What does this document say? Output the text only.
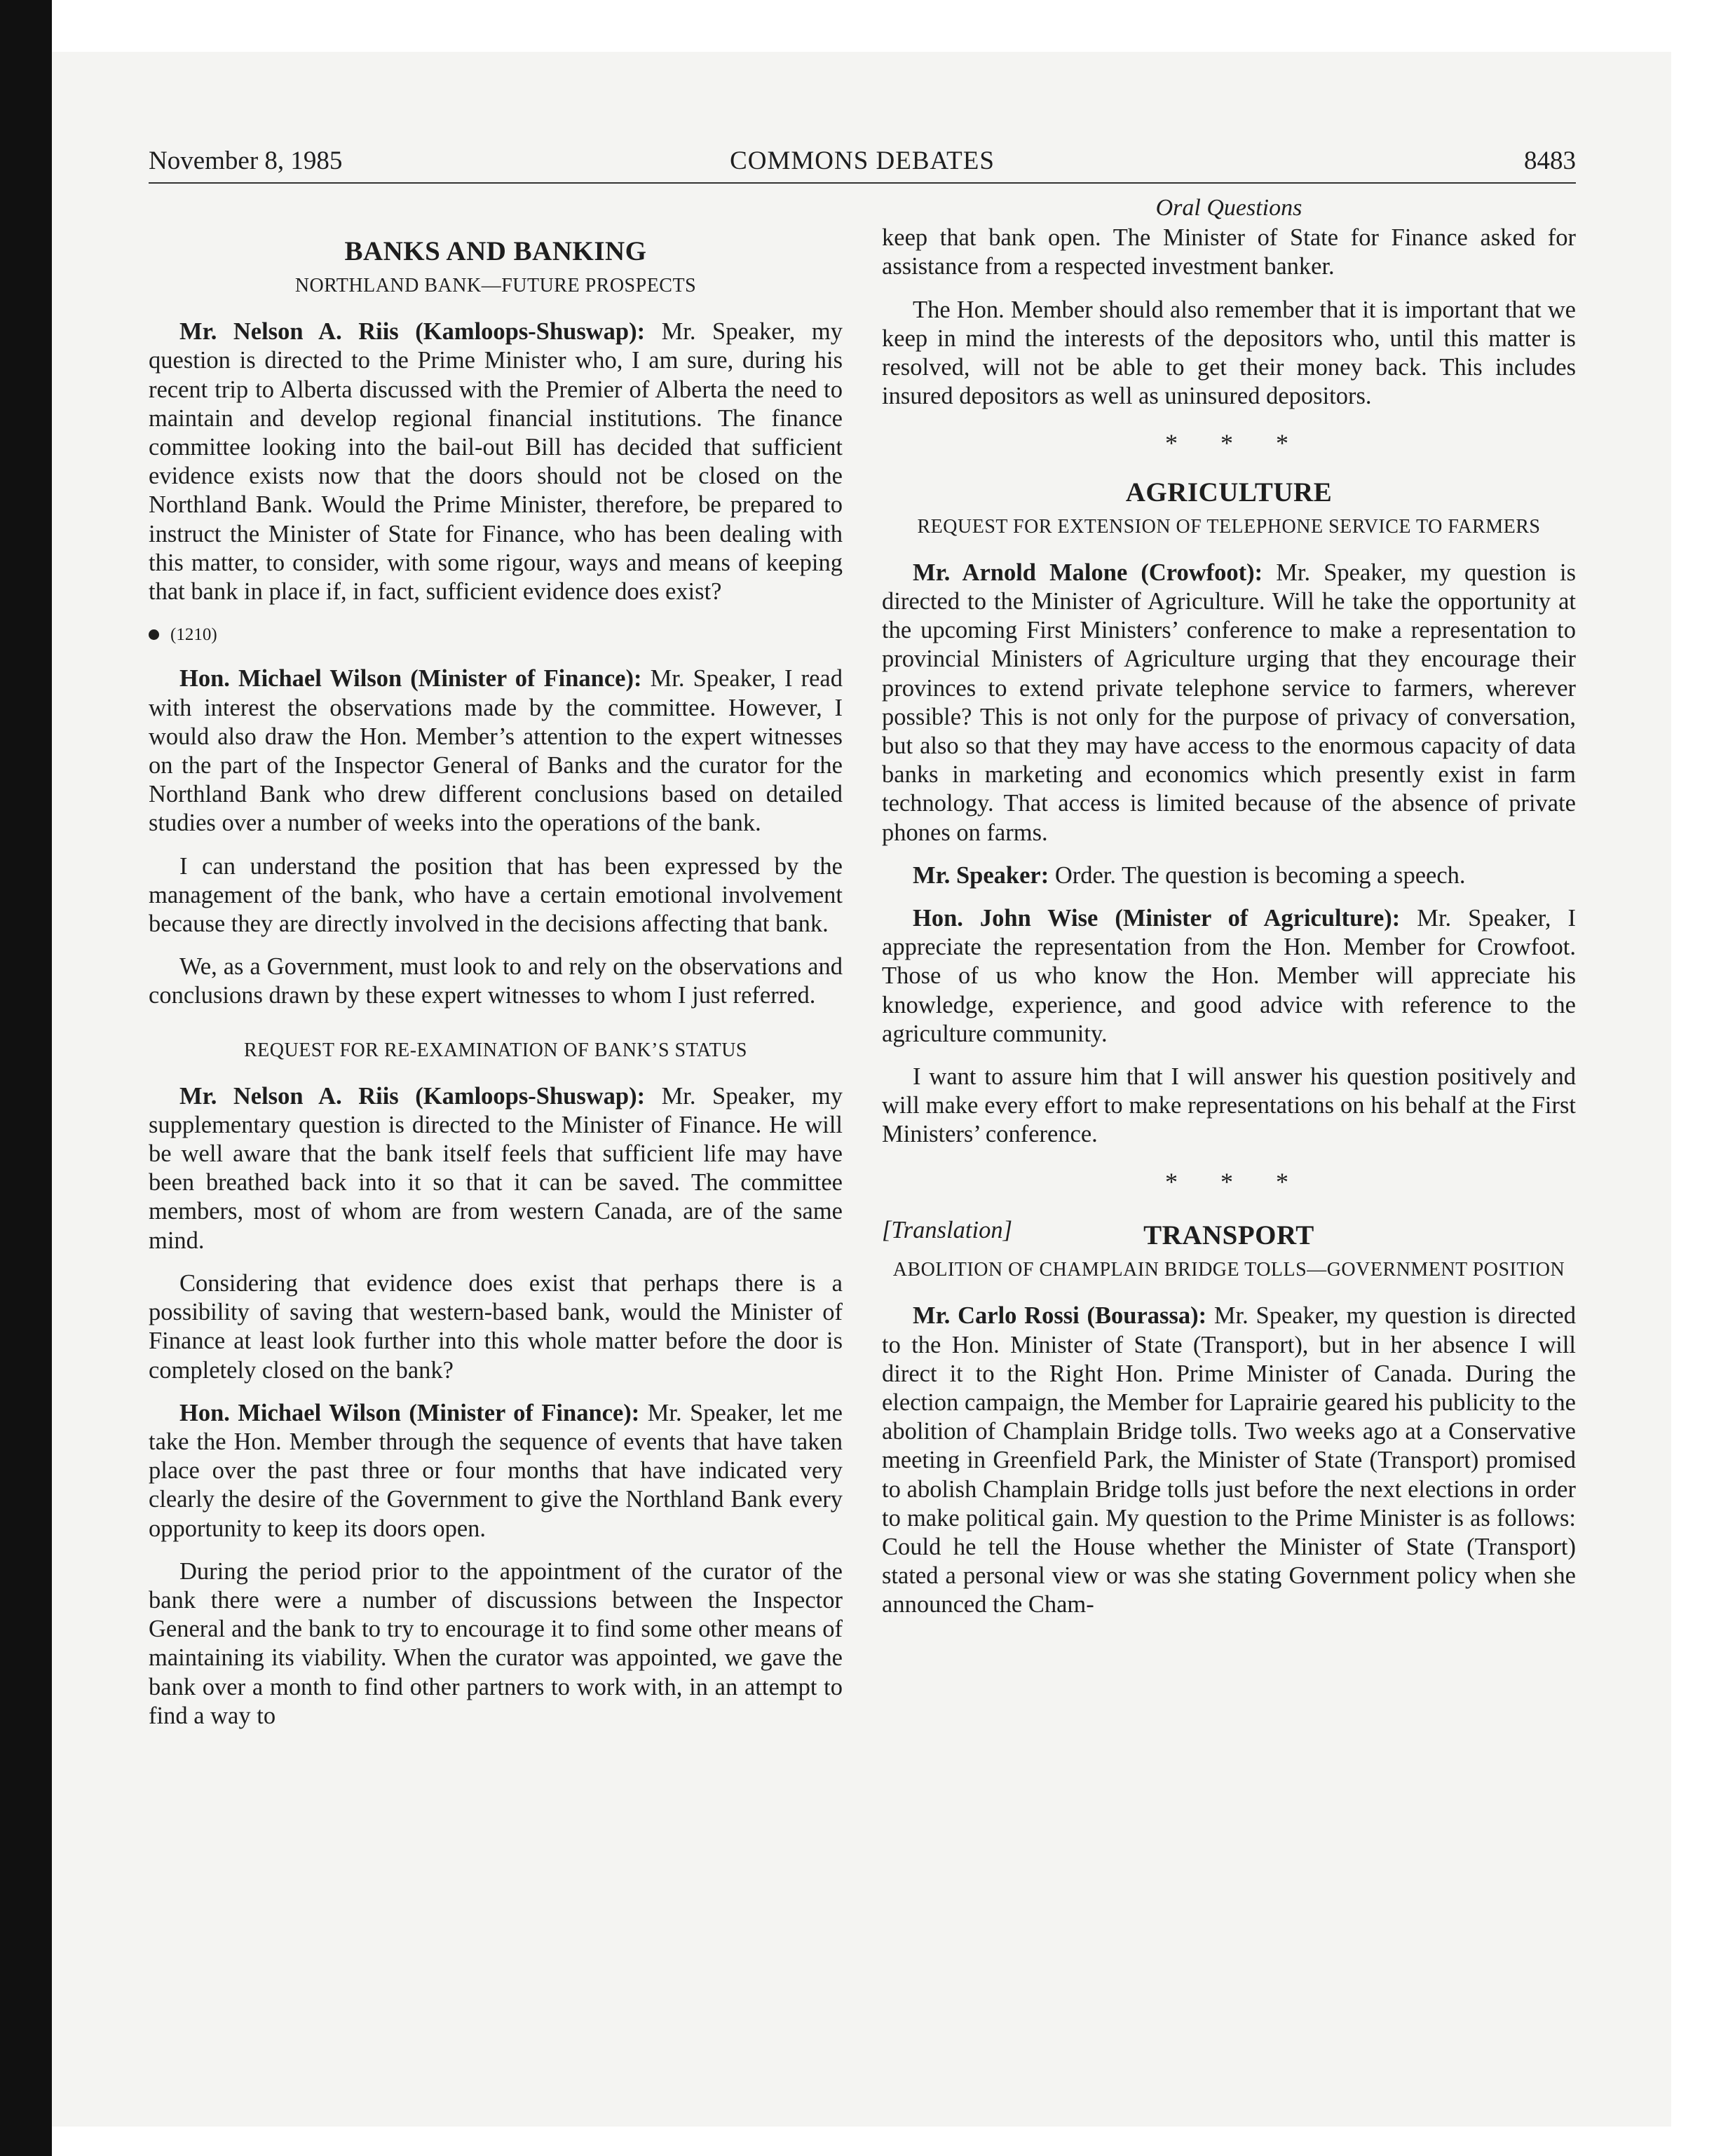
November 8, 1985	COMMONS DEBATES	8483
BANKS AND BANKING
NORTHLAND BANK—FUTURE PROSPECTS

Mr. Nelson A. Riis (Kamloops-Shuswap): Mr. Speaker, my question is directed to the Prime Minister who, I am sure, during his recent trip to Alberta discussed with the Premier of Alberta the need to maintain and develop regional financial institutions. The finance committee looking into the bail-out Bill has decided that sufficient evidence exists now that the doors should not be closed on the Northland Bank. Would the Prime Minister, therefore, be prepared to instruct the Minister of State for Finance, who has been dealing with this matter, to consider, with some rigour, ways and means of keeping that bank in place if, in fact, sufficient evidence does exist?

(1210)

Hon. Michael Wilson (Minister of Finance): Mr. Speaker, I read with interest the observations made by the committee. However, I would also draw the Hon. Member’s attention to the expert witnesses on the part of the Inspector General of Banks and the curator for the Northland Bank who drew different conclusions based on detailed studies over a number of weeks into the operations of the bank.

I can understand the position that has been expressed by the management of the bank, who have a certain emotional involvement because they are directly involved in the decisions affecting that bank.

We, as a Government, must look to and rely on the observations and conclusions drawn by these expert witnesses to whom I just referred.

REQUEST FOR RE-EXAMINATION OF BANK’S STATUS

Mr. Nelson A. Riis (Kamloops-Shuswap): Mr. Speaker, my supplementary question is directed to the Minister of Finance. He will be well aware that the bank itself feels that sufficient life may have been breathed back into it so that it can be saved. The committee members, most of whom are from western Canada, are of the same mind.

Considering that evidence does exist that perhaps there is a possibility of saving that western-based bank, would the Minister of Finance at least look further into this whole matter before the door is completely closed on the bank?

Hon. Michael Wilson (Minister of Finance): Mr. Speaker, let me take the Hon. Member through the sequence of events that have taken place over the past three or four months that have indicated very clearly the desire of the Government to give the Northland Bank every opportunity to keep its doors open.

During the period prior to the appointment of the curator of the bank there were a number of discussions between the Inspector General and the bank to try to encourage it to find some other means of maintaining its viability. When the curator was appointed, we gave the bank over a month to find other partners to work with, in an attempt to find a way to

Oral Questions

keep that bank open. The Minister of State for Finance asked for assistance from a respected investment banker.

The Hon. Member should also remember that it is important that we keep in mind the interests of the depositors who, until this matter is resolved, will not be able to get their money back. This includes insured depositors as well as uninsured depositors.

* * *
AGRICULTURE
REQUEST FOR EXTENSION OF TELEPHONE SERVICE TO FARMERS

Mr. Arnold Malone (Crowfoot): Mr. Speaker, my question is directed to the Minister of Agriculture. Will he take the opportunity at the upcoming First Ministers’ conference to make a representation to provincial Ministers of Agriculture urging that they encourage their provinces to extend private telephone service to farmers, wherever possible? This is not only for the purpose of privacy of conversation, but also so that they may have access to the enormous capacity of data banks in marketing and economics which presently exist in farm technology. That access is limited because of the absence of private phones on farms.

Mr. Speaker: Order. The question is becoming a speech.

Hon. John Wise (Minister of Agriculture): Mr. Speaker, I appreciate the representation from the Hon. Member for Crowfoot. Those of us who know the Hon. Member will appreciate his knowledge, experience, and good advice with reference to the agriculture community.

I want to assure him that I will answer his question positively and will make every effort to make representations on his behalf at the First Ministers’ conference.

* * *
[Translation]	TRANSPORT
ABOLITION OF CHAMPLAIN BRIDGE TOLLS—GOVERNMENT POSITION

Mr. Carlo Rossi (Bourassa): Mr. Speaker, my question is directed to the Hon. Minister of State (Transport), but in her absence I will direct it to the Right Hon. Prime Minister of Canada. During the election campaign, the Member for Laprairie geared his publicity to the abolition of Champlain Bridge tolls. Two weeks ago at a Conservative meeting in Greenfield Park, the Minister of State (Transport) promised to abolish Champlain Bridge tolls just before the next elections in order to make political gain. My question to the Prime Minister is as follows: Could he tell the House whether the Minister of State (Transport) stated a personal view or was she stating Government policy when she announced the Cham-
